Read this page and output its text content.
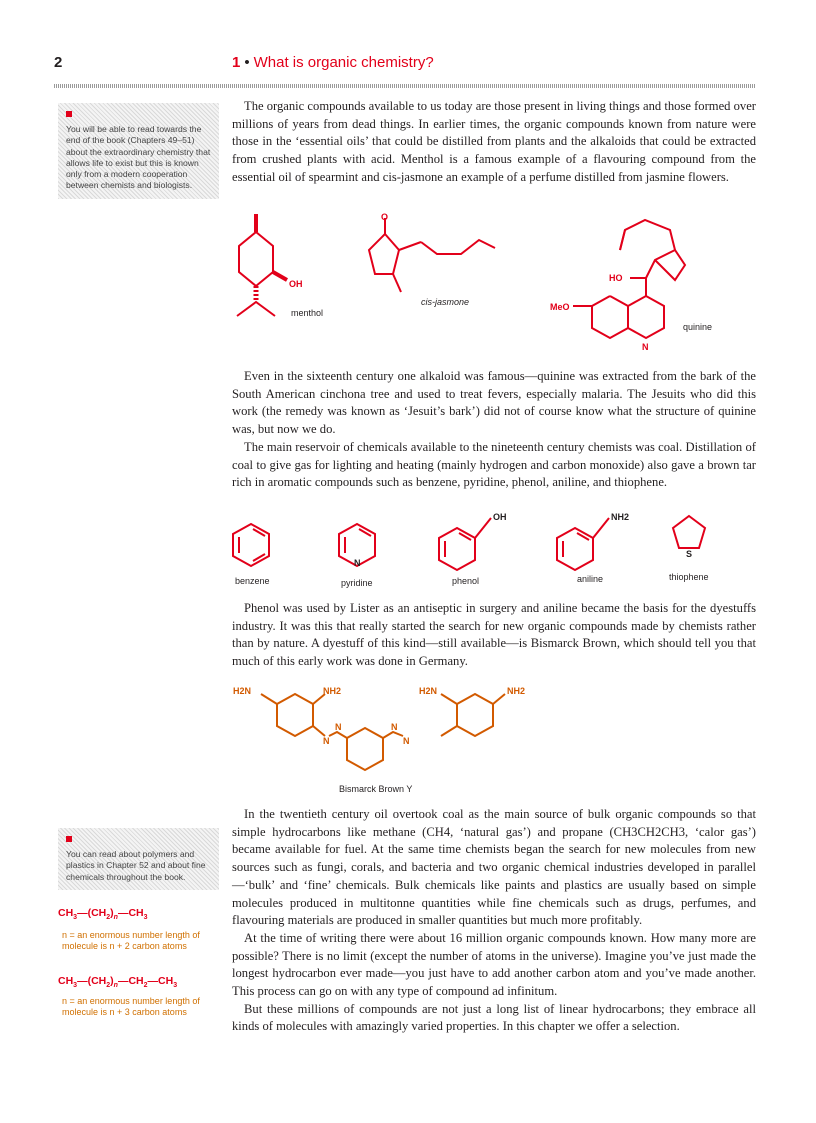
2	1 • What is organic chemistry?
You will be able to read towards the end of the book (Chapters 49–51) about the extraordinary chemistry that allows life to exist but this is known only from a modern cooperation between chemists and biologists.
You can read about polymers and plastics in Chapter 52 and about fine chemicals throughout the book.
$CH_3—(CH_2)_n—CH_3$
n = an enormous number length of molecule is n + 2 carbon atoms
$CH_3—(CH_2)_n—CH_2—CH_3$
n = an enormous number length of molecule is n + 3 carbon atoms

The organic compounds available to us today are those present in living things and those formed over millions of years from dead things. In earlier times, the organic compounds known from nature were those in the ‘essential oils’ that could be distilled from plants and the alkaloids that could be extracted from crushed plants with acid. Menthol is a famous example of a flavouring compound from the essential oil of spearmint and cis-jasmone an example of a perfume distilled from jasmine flowers.

OH
O
HO
MeO
N
menthol
cis-jasmone
quinine

Even in the sixteenth century one alkaloid was famous—quinine was extracted from the bark of the South American cinchona tree and used to treat fevers, especially malaria. The Jesuits who did this work (the remedy was known as ‘Jesuit’s bark’) did not of course know what the structure of quinine was, but now we do.

The main reservoir of chemicals available to the nineteenth century chemists was coal. Distillation of coal to give gas for lighting and heating (mainly hydrogen and carbon monoxide) also gave a brown tar rich in aromatic compounds such as benzene, pyridine, phenol, aniline, and thiophene.

OH	NH2
N
S
benzene	pyridine	phenol	aniline	thiophene

Phenol was used by Lister as an antiseptic in surgery and aniline became the basis for the dyestuffs industry. It was this that really started the search for new organic compounds made by chemists rather than by nature. A dyestuff of this kind—still available—is Bismarck Brown, which should tell you that much of this early work was done in Germany.

H2N	NH2	H2N	NH2
N
N	N
N
Bismarck Brown Y

In the twentieth century oil overtook coal as the main source of bulk organic compounds so that simple hydrocarbons like methane (CH4, ‘natural gas’) and propane (CH3CH2CH3, ‘calor gas’) became available for fuel. At the same time chemists began the search for new molecules from new sources such as fungi, corals, and bacteria and two organic chemical industries developed in parallel—‘bulk’ and ‘fine’ chemicals. Bulk chemicals like paints and plastics are usually based on simple molecules produced in multitonne quantities while fine chemicals such as drugs, perfumes, and flavouring materials are produced in smaller quantities but much more profitably.

At the time of writing there were about 16 million organic compounds known. How many more are possible? There is no limit (except the number of atoms in the universe). Imagine you’ve just made the longest hydrocarbon ever made—you just have to add another carbon atom and you’ve made another. This process can go on with any type of compound ad infinitum.

But these millions of compounds are not just a long list of linear hydrocarbons; they embrace all kinds of molecules with amazingly varied properties. In this chapter we offer a selection.
